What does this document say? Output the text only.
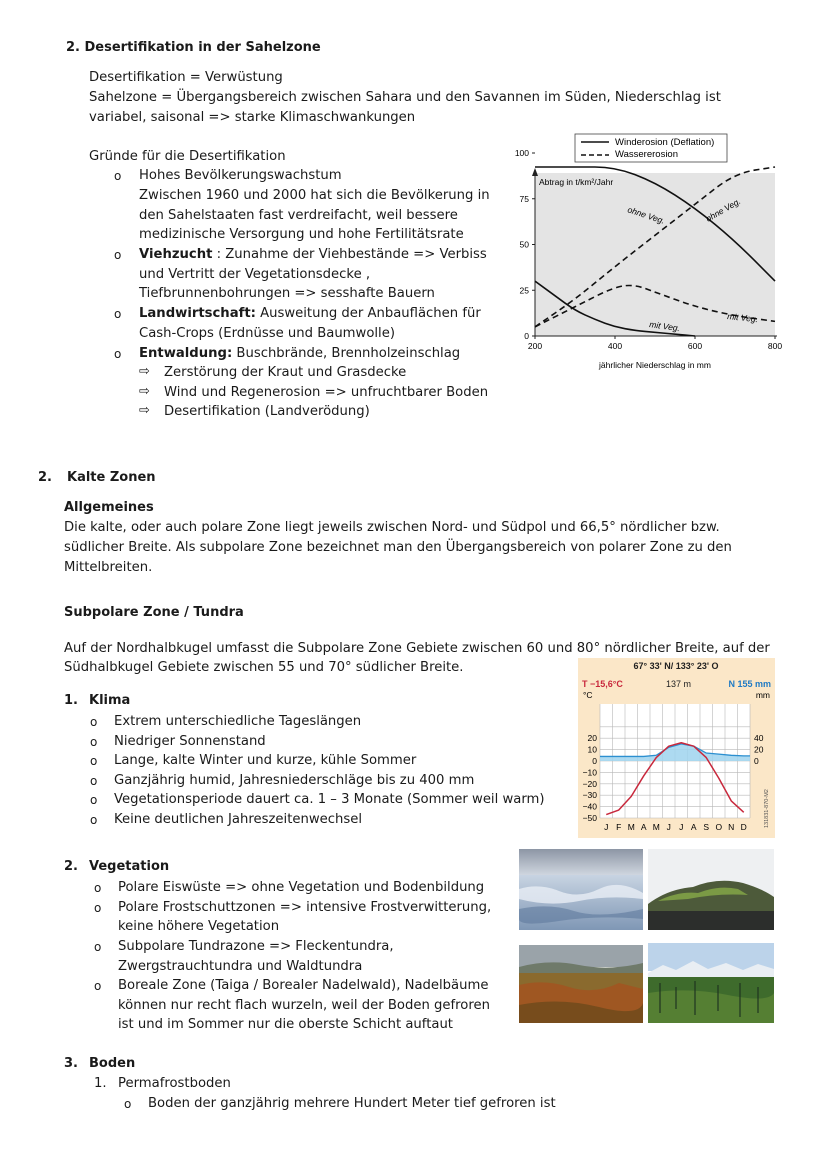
2. Desertifikation in der Sahelzone
Desertifikation = Verwüstung
Sahelzone = Übergangsbereich zwischen Sahara und den Savannen im Süden, Niederschlag ist
variabel, saisonal => starke Klimaschwankungen
Gründe für die Desertifikation
o Hohes Bevölkerungswachstum
Zwischen 1960 und 2000 hat sich die Bevölkerung in
den Sahelstaaten fast verdreifacht, weil bessere
medizinische Versorgung und hohe Fertilitätsrate
o Viehzucht : Zunahme der Viehbestände => Verbiss
und Vertritt der Vegetationsdecke ,
Tiefbrunnenbohrungen => sesshafte Bauern
o Landwirtschaft: Ausweitung der Anbauflächen für
Cash-Crops (Erdnüsse und Baumwolle)
o Entwaldung: Buschbrände, Brennholzeinschlag
⇨ Zerstörung der Kraut und Grasdecke
⇨ Wind und Regenerosion => unfruchtbarer Boden
⇨ Desertifikation (Landverödung)
Winderosion (Deflation)
Wassererosion
Abtrag in t/km²/Jahr
0
25
50
75
100
200	400	600	800
ohne Veg.	ohne Veg.
mit Veg.
mit Veg.
jährlicher Niederschlag in mm
2. Kalte Zonen
Allgemeines
Die kalte, oder auch polare Zone liegt jeweils zwischen Nord- und Südpol und 66,5° nördlicher bzw.
südlicher Breite. Als subpolare Zone bezeichnet man den Übergangsbereich von polarer Zone zu den
Mittelbreiten.
Subpolare Zone / Tundra
Auf der Nordhalbkugel umfasst die Subpolare Zone Gebiete zwischen 60 und 80° nördlicher Breite, auf der
Südhalbkugel Gebiete zwischen 55 und 70° südlicher Breite.
1. Klima
o Extrem unterschiedliche Tageslängen
o Niedriger Sonnenstand
o Lange, kalte Winter und kurze, kühle Sommer
o Ganzjährig humid, Jahresniederschläge bis zu 400 mm
o Vegetationsperiode dauert ca. 1 – 3 Monate (Sommer weil warm)
o Keine deutlichen Jahreszeitenwechsel
67° 33' N/ 133° 23' O
T −15,6°C	137 m	N 155 mm
°C	mm
20
10
0
−10
−20
−30
−40
−50
40
20
0
J F M A M J J A S O N D	131831-870-M2
2. Vegetation
o Polare Eiswüste => ohne Vegetation und Bodenbildung
o Polare Frostschuttzonen => intensive Frostverwitterung,
keine höhere Vegetation
o Subpolare Tundrazone => Fleckentundra,
Zwergstrauchtundra und Waldtundra
o Boreale Zone (Taiga / Borealer Nadelwald), Nadelbäume
können nur recht flach wurzeln, weil der Boden gefroren
ist und im Sommer nur die oberste Schicht auftaut
3. Boden
1. Permafrostboden
o Boden der ganzjährig mehrere Hundert Meter tief gefroren ist
